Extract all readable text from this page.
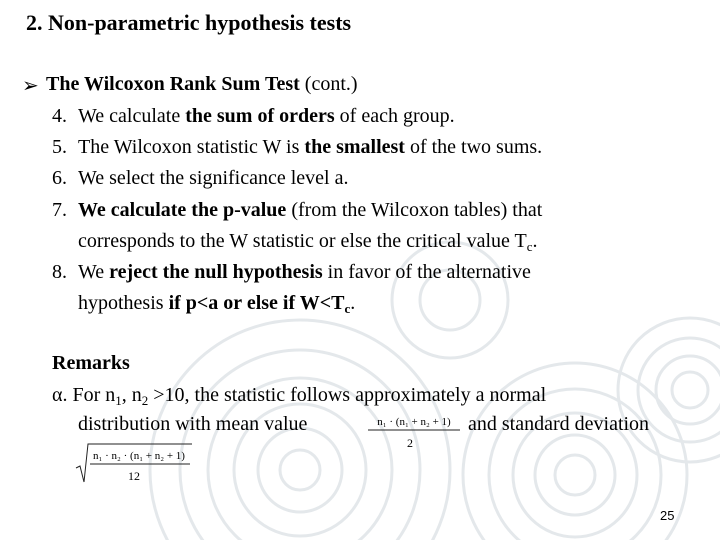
2. Non-parametric hypothesis tests
➢ The Wilcoxon Rank Sum Test (cont.)
4. We calculate the sum of orders of each group.
5. The Wilcoxon statistic W is the smallest of the two sums.
6. We select the significance level a.
7. We calculate the p-value (from the Wilcoxon tables) that
corresponds to the W statistic or else the critical value $T_c$.
8. We reject the null hypothesis in favor of the alternative
hypothesis if p<a or else if $W<T_c$.
Remarks
α. For $n_1$, $n_2 >10$, the statistic follows approximately a normal
distribution with mean value	and standard deviation
n₁ · (n₁ + n₂ + 1)
2
n₁ · n₂ · (n₁ + n₂ + 1)
12
25
